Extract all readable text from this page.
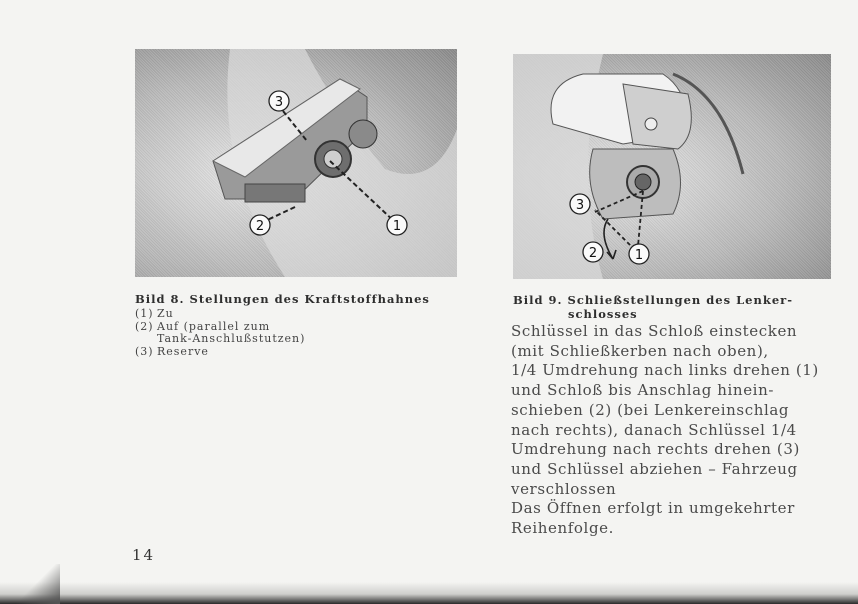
3
2	1
3
2	1
Bild 8. Stellungen des Kraftstoffhahnes
(1) Zu
(2) Auf (parallel zum
Tank-Anschlußstutzen)
(3) Reserve
Bild 9. Schließstellungen des Lenker-
schlosses
Schlüssel in das Schloß einstecken
(mit Schließkerben nach oben),
1/4 Umdrehung nach links drehen (1)
und Schloß bis Anschlag hinein-
schieben (2) (bei Lenkereinschlag
nach rechts), danach Schlüssel 1/4
Umdrehung nach rechts drehen (3)
und Schlüssel abziehen – Fahrzeug
verschlossen
Das Öffnen erfolgt in umgekehrter
Reihenfolge.
14
